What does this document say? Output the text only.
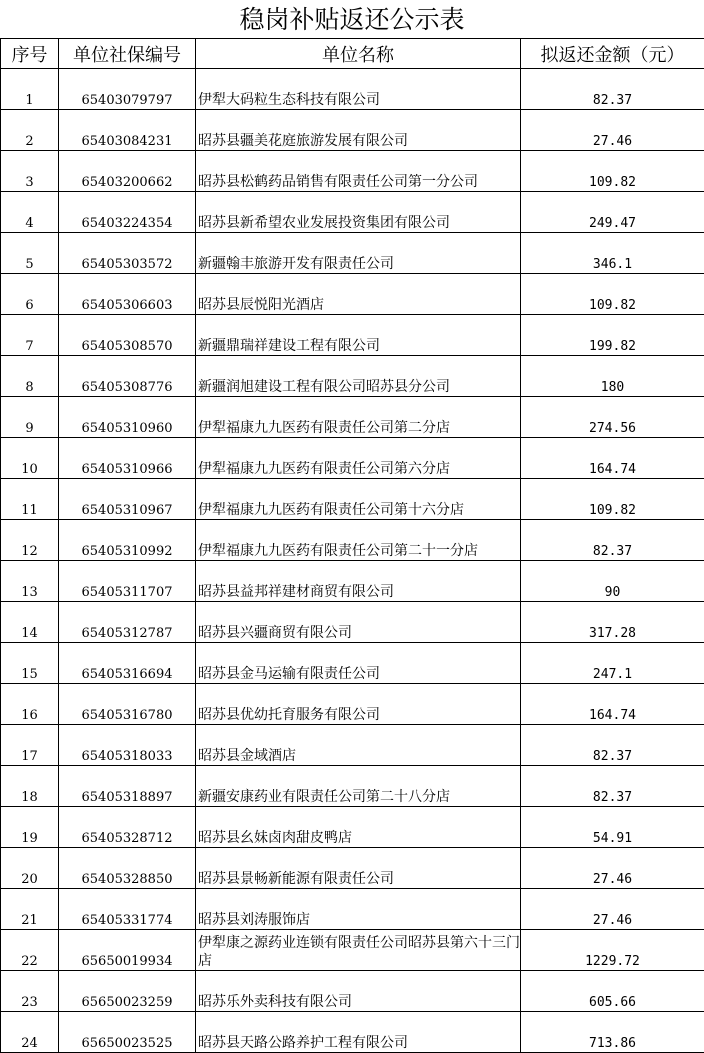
稳岗补贴返还公示表
序号	单位社保编号	单位名称	拟返还金额（元）
1	65403079797	伊犁大码粒生态科技有限公司	82.37
2	65403084231	昭苏县疆美花庭旅游发展有限公司	27.46
3	65403200662	昭苏县松鹤药品销售有限责任公司第一分公司	109.82
4	65403224354	昭苏县新希望农业发展投资集团有限公司	249.47
5	65405303572	新疆翰丰旅游开发有限责任公司	346.1
6	65405306603	昭苏县辰悦阳光酒店	109.82
7	65405308570	新疆鼎瑞祥建设工程有限公司	199.82
8	65405308776	新疆润旭建设工程有限公司昭苏县分公司	180
9	65405310960	伊犁福康九九医药有限责任公司第二分店	274.56
10	65405310966	伊犁福康九九医药有限责任公司第六分店	164.74
11	65405310967	伊犁福康九九医药有限责任公司第十六分店	109.82
12	65405310992	伊犁福康九九医药有限责任公司第二十一分店	82.37
13	65405311707	昭苏县益邦祥建材商贸有限公司	90
14	65405312787	昭苏县兴疆商贸有限公司	317.28
15	65405316694	昭苏县金马运输有限责任公司	247.1
16	65405316780	昭苏县优幼托育服务有限公司	164.74
17	65405318033	昭苏县金域酒店	82.37
18	65405318897	新疆安康药业有限责任公司第二十八分店	82.37
19	65405328712	昭苏县幺妹卤肉甜皮鸭店	54.91
20	65405328850	昭苏县景畅新能源有限责任公司	27.46
21	65405331774	昭苏县刘涛服饰店	27.46
22	65650019934	伊犁康之源药业连锁有限责任公司昭苏县第六十三门店	1229.72
23	65650023259	昭苏乐外卖科技有限公司	605.66
24	65650023525	昭苏县天路公路养护工程有限公司	713.86
